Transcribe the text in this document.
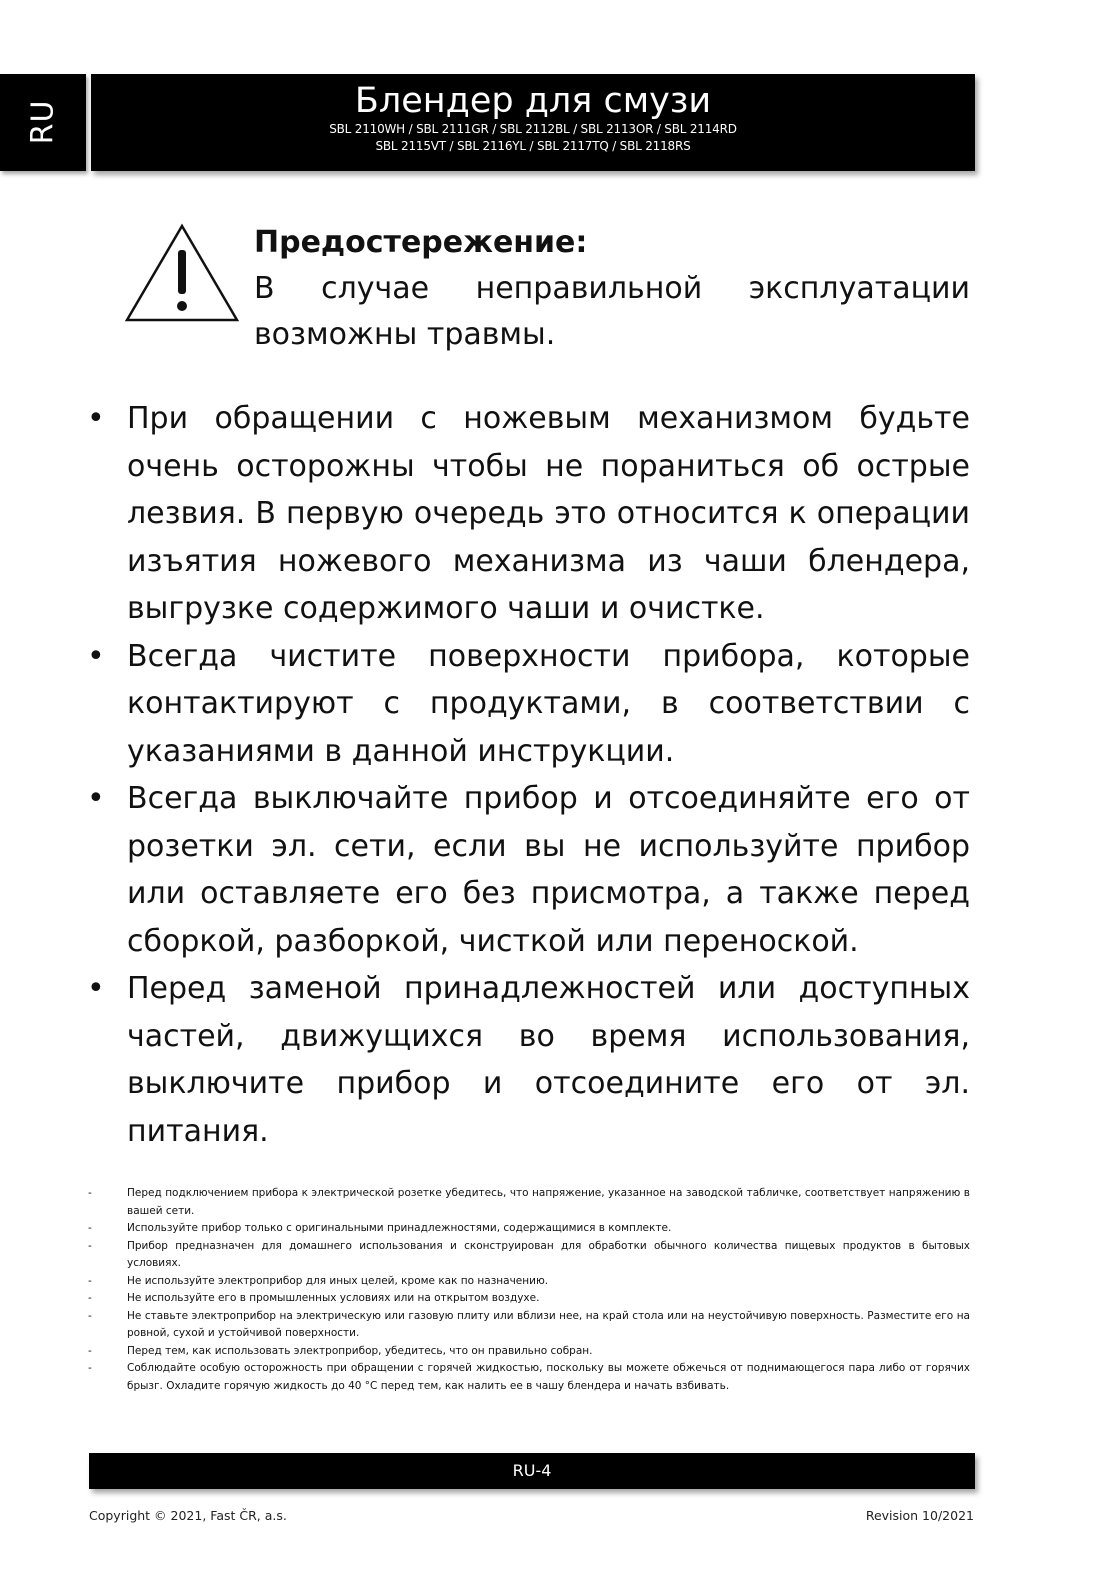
RU	Блендер для смузи
SBL 2110WH / SBL 2111GR / SBL 2112BL / SBL 2113OR / SBL 2114RD
SBL 2115VT / SBL 2116YL / SBL 2117TQ / SBL 2118RS
Предостережение:
В случае неправильной эксплуатации возможны травмы.
• При обращении с ножевым механизмом будьте очень осторожны чтобы не пораниться об острые лезвия. В первую очередь это относится к операции изъятия ножевого механизма из чаши блендера, выгрузке содержимого чаши и очистке.
• Всегда чистите поверхности прибора, которые контактируют с продуктами, в соответствии с указаниями в данной инструкции.
• Всегда выключайте прибор и отсоединяйте его от розетки эл. сети, если вы не используйте прибор или оставляете его без присмотра, а также перед сборкой, разборкой, чисткой или переноской.
• Перед заменой принадлежностей или доступных частей, движущихся во время использования, выключите прибор и отсоедините его от эл. питания.
- Перед подключением прибора к электрической розетке убедитесь, что напряжение, указанное на заводской табличке, соответствует напряжению в вашей сети.
- Используйте прибор только с оригинальными принадлежностями, содержащимися в комплекте.
- Прибор предназначен для домашнего использования и сконструирован для обработки обычного количества пищевых продуктов в бытовых условиях.
- Не используйте электроприбор для иных целей, кроме как по назначению.
- Не используйте его в промышленных условиях или на открытом воздухе.
- Не ставьте электроприбор на электрическую или газовую плиту или вблизи нее, на край стола или на неустойчивую поверхность. Разместите его на ровной, сухой и устойчивой поверхности.
- Перед тем, как использовать электроприбор, убедитесь, что он правильно собран.
- Соблюдайте особую осторожность при обращении с горячей жидкостью, поскольку вы можете обжечься от поднимающегося пара либо от горячих брызг. Охладите горячую жидкость до 40 °C перед тем, как налить ее в чашу блендера и начать взбивать.
RU-4
Copyright © 2021, Fast ČR, a.s.	Revision 10/2021
